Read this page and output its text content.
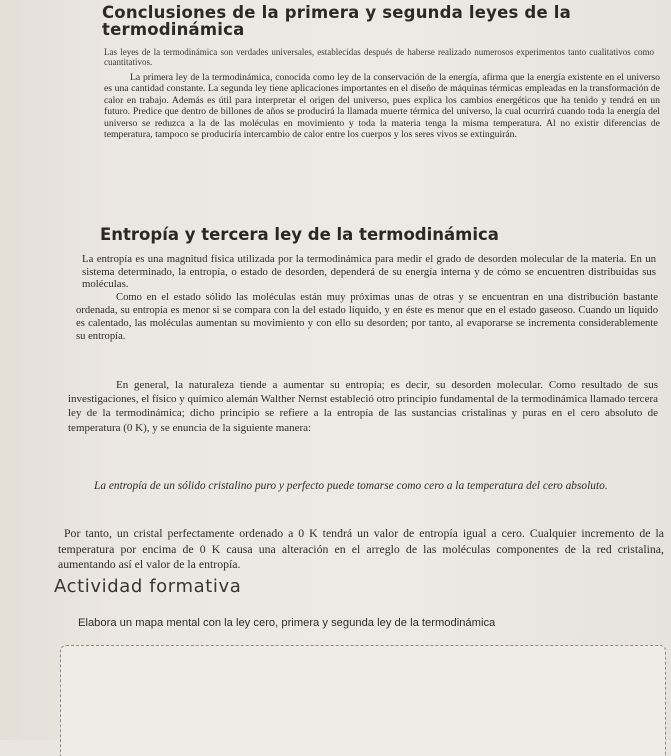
Conclusiones de la primera y segunda leyes de la termodinámica

Las leyes de la termodinámica son verdades universales, establecidas después de haberse realizado numerosos experimentos tanto cualitativos como cuantitativos.

La primera ley de la termodinámica, conocida como ley de la conservación de la energía, afirma que la energía existente en el universo es una cantidad constante. La segunda ley tiene aplicaciones importantes en el diseño de máquinas térmicas empleadas en la transformación de calor en trabajo. Además es útil para interpretar el origen del universo, pues explica los cambios energéticos que ha tenido y tendrá en un futuro. Predice que dentro de billones de años se producirá la llamada muerte térmica del universo, la cual ocurrirá cuando toda la energía del universo se reduzca a la de las moléculas en movimiento y toda la materia tenga la misma temperatura. Al no existir diferencias de temperatura, tampoco se produciría intercambio de calor entre los cuerpos y los seres vivos se extinguirán.

Entropía y tercera ley de la termodinámica

La entropía es una magnitud física utilizada por la termodinámica para medir el grado de desorden molecular de la materia. En un sistema determinado, la entropía, o estado de desorden, dependerá de su energía interna y de cómo se encuentren distribuidas sus moléculas.

Como en el estado sólido las moléculas están muy próximas unas de otras y se encuentran en una distribución bastante ordenada, su entropía es menor si se compara con la del estado líquido, y en éste es menor que en el estado gaseoso. Cuando un líquido es calentado, las moléculas aumentan su movimiento y con ello su desorden; por tanto, al evaporarse se incrementa considerablemente su entropía.

En general, la naturaleza tiende a aumentar su entropía; es decir, su desorden molecular. Como resultado de sus investigaciones, el físico y químico alemán Walther Nernst estableció otro principio fundamental de la termodinámica llamado tercera ley de la termodinámica; dicho principio se refiere a la entropía de las sustancias cristalinas y puras en el cero absoluto de temperatura (0 K), y se enuncia de la siguiente manera:

La entropía de un sólido cristalino puro y perfecto puede tomarse como cero a la temperatura del cero absoluto.

Por tanto, un cristal perfectamente ordenado a 0 K tendrá un valor de entropía igual a cero. Cualquier incremento de la temperatura por encima de 0 K causa una alteración en el arreglo de las moléculas componentes de la red cristalina, aumentando así el valor de la entropía.

Actividad formativa
Elabora un mapa mental con la ley cero, primera y segunda ley de la termodinámica
